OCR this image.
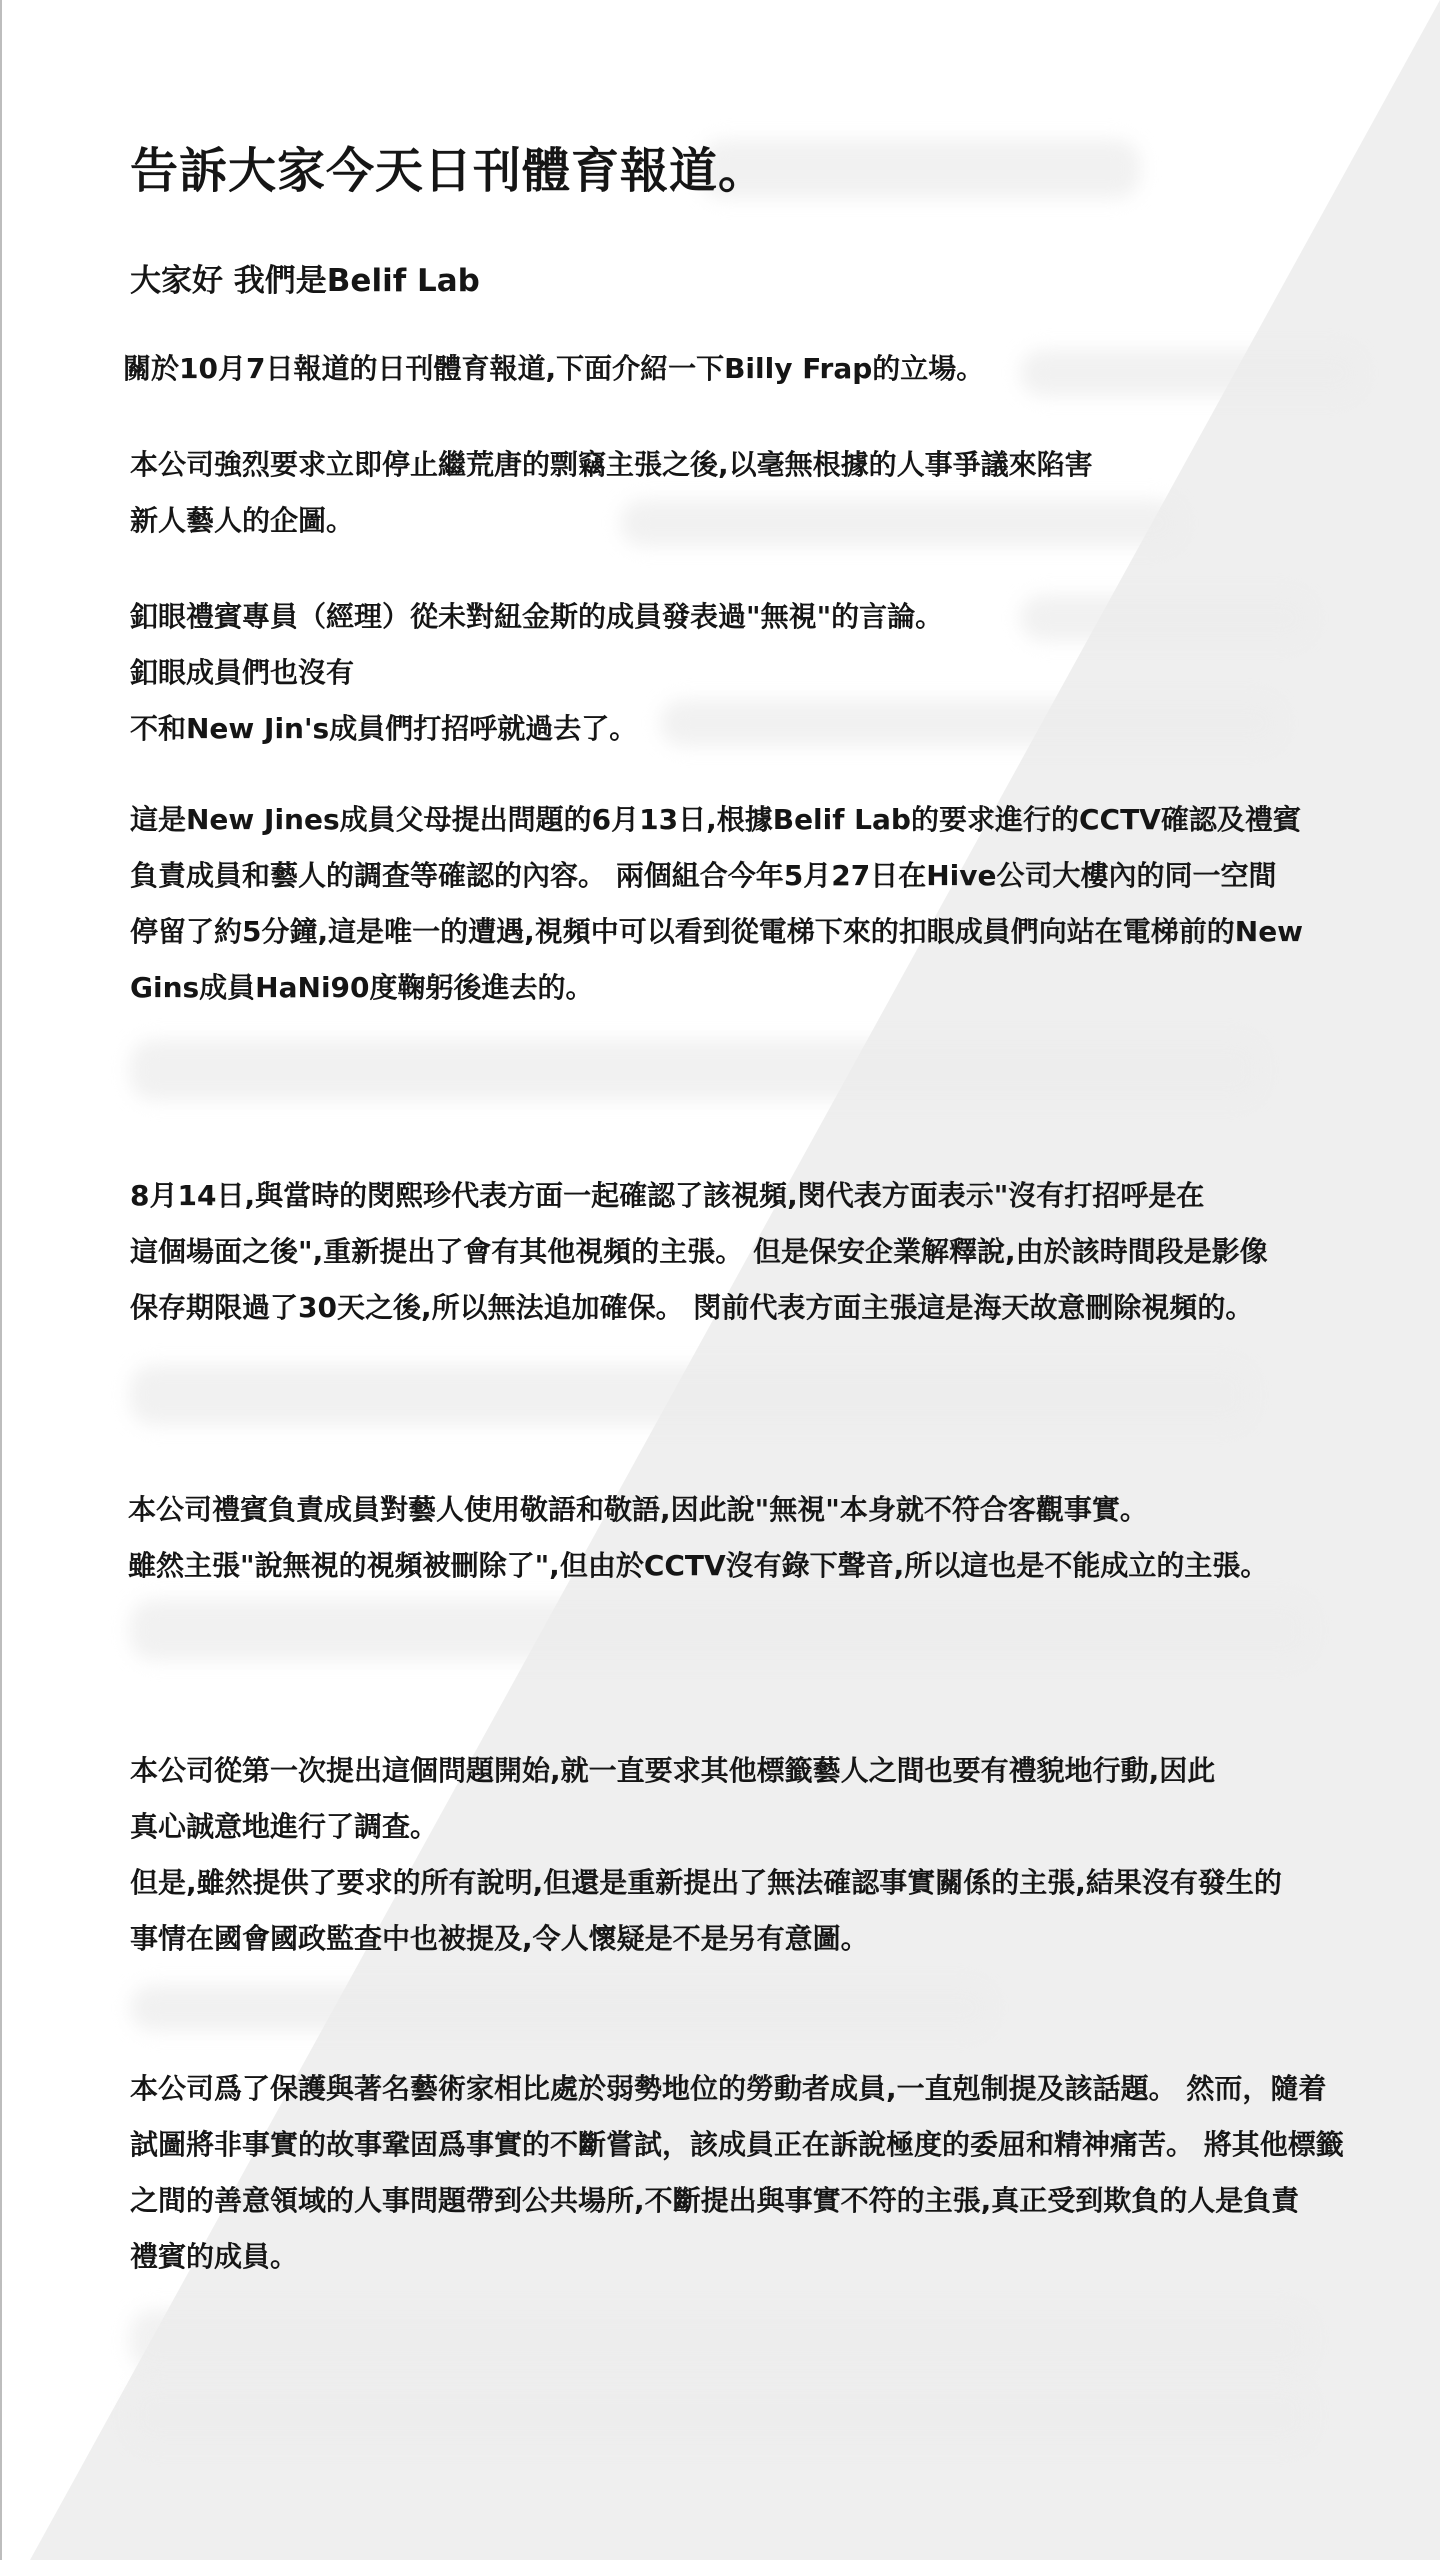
告訴大家今天日刊體育報道。

大家好 我們是Belif Lab

關於10月7日報道的日刊體育報道,下面介紹一下Billy Frap的立場。

本公司強烈要求立即停止繼荒唐的剽竊主張之後,以毫無根據的人事爭議來陷害
新人藝人的企圖。
釦眼禮賓專員（經理）從未對紐金斯的成員發表過"無視"的言論。
釦眼成員們也沒有
不和New Jin's成員們打招呼就過去了。
這是New Jines成員父母提出問題的6月13日,根據Belif Lab的要求進行的CCTV確認及禮賓
負責成員和藝人的調查等確認的內容。 兩個組合今年5月27日在Hive公司大樓內的同一空間
停留了約5分鐘,這是唯一的遭遇,視頻中可以看到從電梯下來的扣眼成員們向站在電梯前的New
Gins成員HaNi90度鞠躬後進去的。
8月14日,與當時的閔熙珍代表方面一起確認了該視頻,閔代表方面表示"沒有打招呼是在
這個場面之後",重新提出了會有其他視頻的主張。 但是保安企業解釋說,由於該時間段是影像
保存期限過了30天之後,所以無法追加確保。 閔前代表方面主張這是海天故意刪除視頻的。
本公司禮賓負責成員對藝人使用敬語和敬語,因此說"無視"本身就不符合客觀事實。
雖然主張"說無視的視頻被刪除了",但由於CCTV沒有錄下聲音,所以這也是不能成立的主張。
本公司從第一次提出這個問題開始,就一直要求其他標籤藝人之間也要有禮貌地行動,因此
真心誠意地進行了調查。
但是,雖然提供了要求的所有說明,但還是重新提出了無法確認事實關係的主張,結果沒有發生的
事情在國會國政監查中也被提及,令人懷疑是不是另有意圖。
本公司爲了保護與著名藝術家相比處於弱勢地位的勞動者成員,一直剋制提及該話題。 然而，隨着
試圖將非事實的故事鞏固爲事實的不斷嘗試，該成員正在訴說極度的委屈和精神痛苦。 將其他標籤
之間的善意領域的人事問題帶到公共場所,不斷提出與事實不符的主張,真正受到欺負的人是負責
禮賓的成員。
